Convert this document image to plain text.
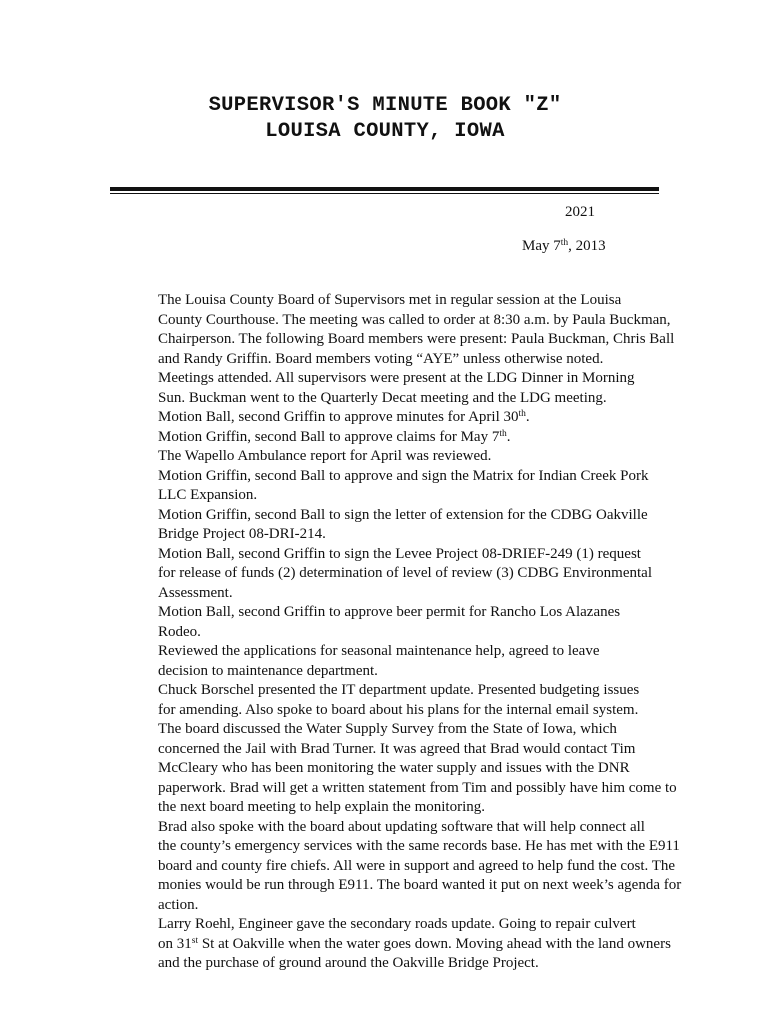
SUPERVISOR'S MINUTE BOOK "Z"
LOUISA COUNTY, IOWA
2021
May 7th, 2013

The Louisa County Board of Supervisors met in regular session at the Louisa
County Courthouse. The meeting was called to order at 8:30 a.m. by Paula Buckman,
Chairperson. The following Board members were present: Paula Buckman, Chris Ball
and Randy Griffin. Board members voting “AYE” unless otherwise noted.

Meetings attended. All supervisors were present at the LDG Dinner in Morning
Sun. Buckman went to the Quarterly Decat meeting and the LDG meeting.

Motion Ball, second Griffin to approve minutes for April 30th.

Motion Griffin, second Ball to approve claims for May 7th.

The Wapello Ambulance report for April was reviewed.

Motion Griffin, second Ball to approve and sign the Matrix for Indian Creek Pork
LLC Expansion.

Motion Griffin, second Ball to sign the letter of extension for the CDBG Oakville
Bridge Project 08-DRI-214.

Motion Ball, second Griffin to sign the Levee Project 08-DRIEF-249 (1) request
for release of funds (2) determination of level of review (3) CDBG Environmental
Assessment.

Motion Ball, second Griffin to approve beer permit for Rancho Los Alazanes
Rodeo.

Reviewed the applications for seasonal maintenance help, agreed to leave
decision to maintenance department.

Chuck Borschel presented the IT department update. Presented budgeting issues
for amending. Also spoke to board about his plans for the internal email system.

The board discussed the Water Supply Survey from the State of Iowa, which
concerned the Jail with Brad Turner. It was agreed that Brad would contact Tim
McCleary who has been monitoring the water supply and issues with the DNR
paperwork. Brad will get a written statement from Tim and possibly have him come to
the next board meeting to help explain the monitoring.

Brad also spoke with the board about updating software that will help connect all
the county’s emergency services with the same records base. He has met with the E911
board and county fire chiefs. All were in support and agreed to help fund the cost. The
monies would be run through E911. The board wanted it put on next week’s agenda for
action.

Larry Roehl, Engineer gave the secondary roads update. Going to repair culvert
on 31st St at Oakville when the water goes down. Moving ahead with the land owners
and the purchase of ground around the Oakville Bridge Project.
